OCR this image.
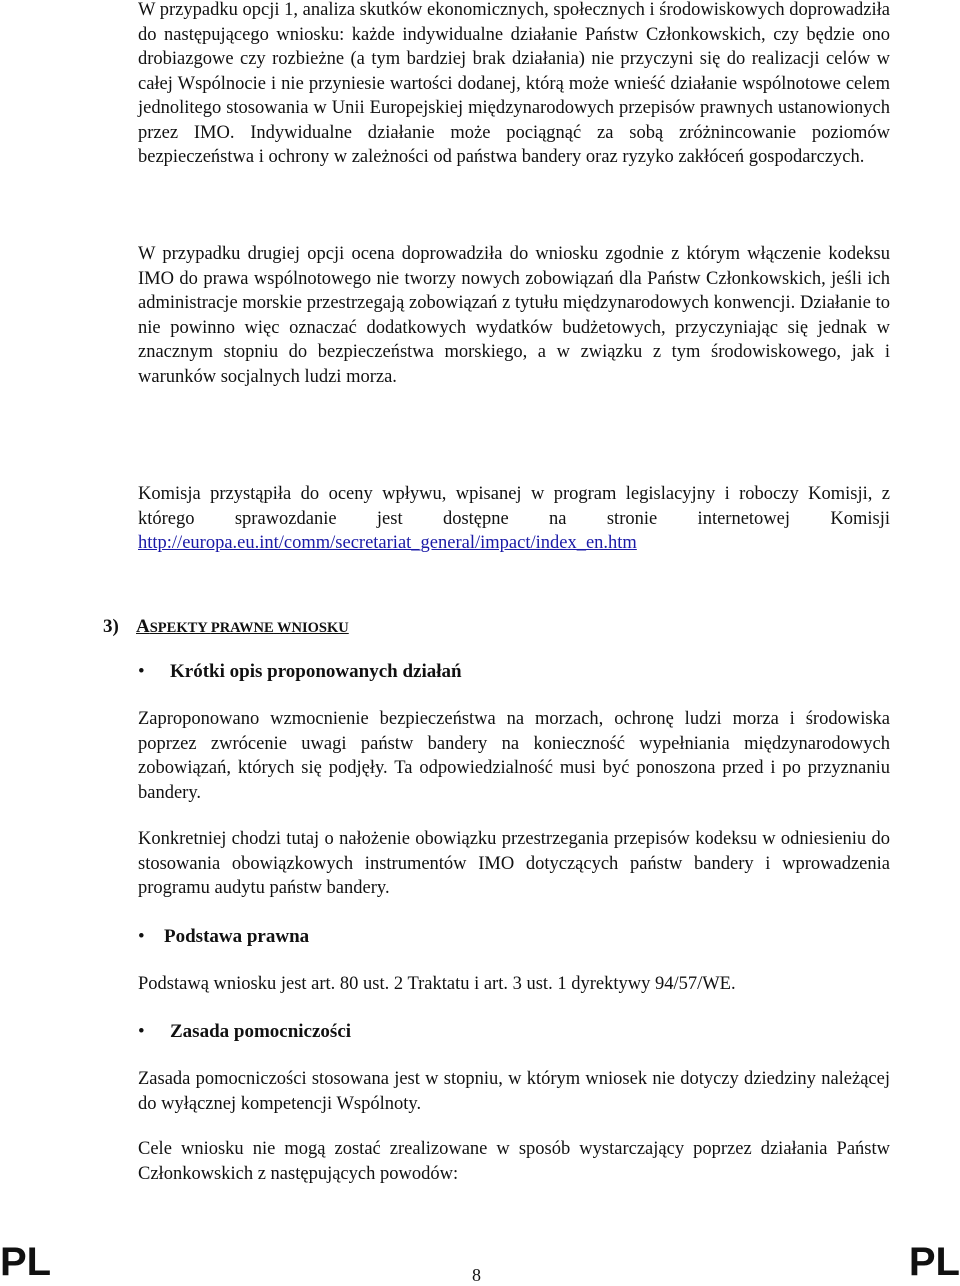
W przypadku opcji 1, analiza skutków ekonomicznych, społecznych i środowiskowych doprowadziła do następującego wniosku: każde indywidualne działanie Państw Członkowskich, czy będzie ono drobiazgowe czy rozbieżne (a tym bardziej brak działania) nie przyczyni się do realizacji celów w całej Wspólnocie i nie przyniesie wartości dodanej, którą może wnieść działanie wspólnotowe celem jednolitego stosowania w Unii Europejskiej międzynarodowych przepisów prawnych ustanowionych przez IMO. Indywidualne działanie może pociągnąć za sobą zróżnincowanie poziomów bezpieczeństwa i ochrony w zależności od państwa bandery oraz ryzyko zakłóceń gospodarczych.

W przypadku drugiej opcji ocena doprowadziła do wniosku zgodnie z którym włączenie kodeksu IMO do prawa wspólnotowego nie tworzy nowych zobowiązań dla Państw Członkowskich, jeśli ich administracje morskie przestrzegają zobowiązań z tytułu międzynarodowych konwencji. Działanie to nie powinno więc oznaczać dodatkowych wydatków budżetowych, przyczyniając się jednak w znacznym stopniu do bezpieczeństwa morskiego, a w związku z tym środowiskowego, jak i warunków socjalnych ludzi morza.

Komisja przystąpiła do oceny wpływu, wpisanej w program legislacyjny i roboczy Komisji, z którego sprawozdanie jest dostępne na stronie internetowej Komisji http://europa.eu.int/comm/secretariat_general/impact/index_en.htm

3) ASPEKTY PRAWNE WNIOSKU
• Krótki opis proponowanych działań

Zaproponowano wzmocnienie bezpieczeństwa na morzach, ochronę ludzi morza i środowiska poprzez zwrócenie uwagi państw bandery na konieczność wypełniania międzynarodowych zobowiązań, których się podjęły. Ta odpowiedzialność musi być ponoszona przed i po przyznaniu bandery.

Konkretniej chodzi tutaj o nałożenie obowiązku przestrzegania przepisów kodeksu w odniesieniu do stosowania obowiązkowych instrumentów IMO dotyczących państw bandery i wprowadzenia programu audytu państw bandery.

• Podstawa prawna

Podstawą wniosku jest art. 80 ust. 2 Traktatu i art. 3 ust. 1 dyrektywy 94/57/WE.

• Zasada pomocniczości

Zasada pomocniczości stosowana jest w stopniu, w którym wniosek nie dotyczy dziedziny należącej do wyłącznej kompetencji Wspólnoty.

Cele wniosku nie mogą zostać zrealizowane w sposób wystarczający poprzez działania Państw Członkowskich z następujących powodów:

PL	8	PL
